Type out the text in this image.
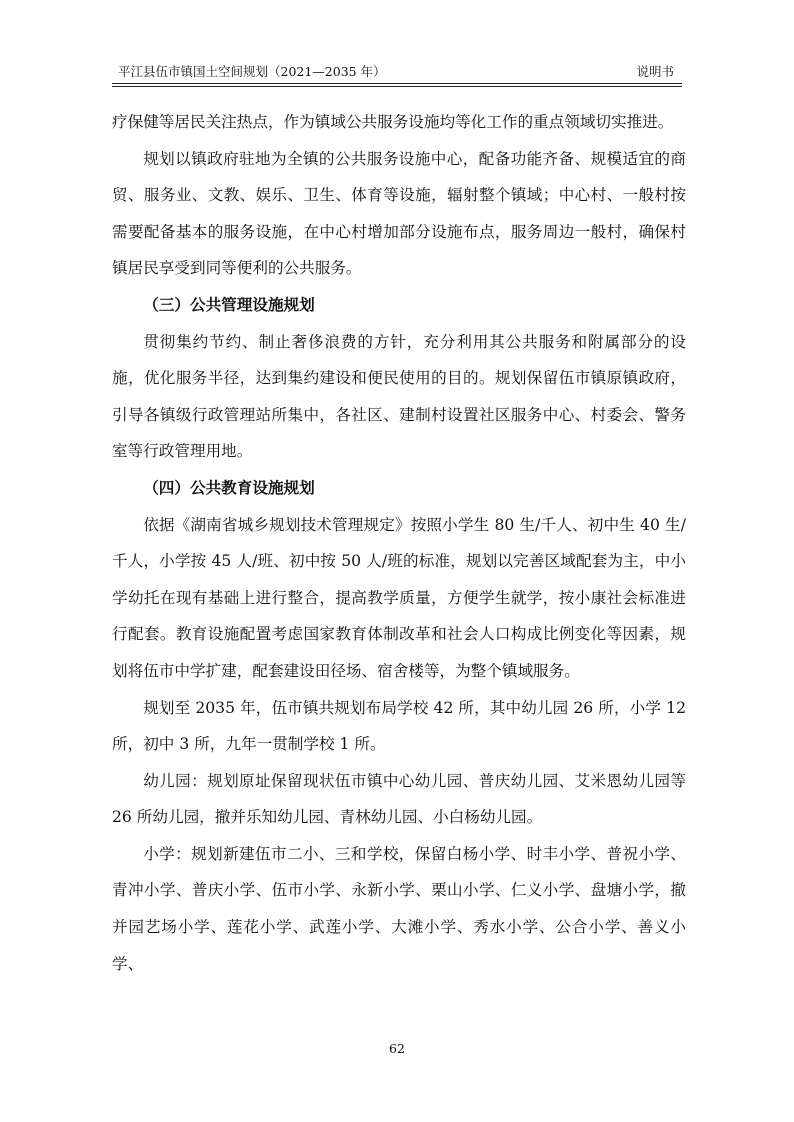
平江县伍市镇国土空间规划（2021—2035 年）	说明书

疗保健等居民关注热点，作为镇域公共服务设施均等化工作的重点领域切实推进。

规划以镇政府驻地为全镇的公共服务设施中心，配备功能齐备、规模适宜的商贸、服务业、文教、娱乐、卫生、体育等设施，辐射整个镇域；中心村、一般村按需要配备基本的服务设施，在中心村增加部分设施布点，服务周边一般村，确保村镇居民享受到同等便利的公共服务。

（三）公共管理设施规划

贯彻集约节约、制止奢侈浪费的方针，充分利用其公共服务和附属部分的设施，优化服务半径，达到集约建设和便民使用的目的。规划保留伍市镇原镇政府，引导各镇级行政管理站所集中，各社区、建制村设置社区服务中心、村委会、警务室等行政管理用地。

（四）公共教育设施规划

依据《湖南省城乡规划技术管理规定》按照小学生 80 生/千人、初中生 40 生/千人，小学按 45 人/班、初中按 50 人/班的标准，规划以完善区域配套为主，中小学幼托在现有基础上进行整合，提高教学质量，方便学生就学，按小康社会标准进行配套。教育设施配置考虑国家教育体制改革和社会人口构成比例变化等因素，规划将伍市中学扩建，配套建设田径场、宿舍楼等，为整个镇域服务。

规划至 2035 年，伍市镇共规划布局学校 42 所，其中幼儿园 26 所，小学 12 所，初中 3 所，九年一贯制学校 1 所。

幼儿园：规划原址保留现状伍市镇中心幼儿园、普庆幼儿园、艾米恩幼儿园等 26 所幼儿园，撤并乐知幼儿园、青林幼儿园、小白杨幼儿园。

小学：规划新建伍市二小、三和学校，保留白杨小学、时丰小学、普祝小学、青冲小学、普庆小学、伍市小学、永新小学、栗山小学、仁义小学、盘塘小学，撤并园艺场小学、莲花小学、武莲小学、大滩小学、秀水小学、公合小学、善义小学、

62
